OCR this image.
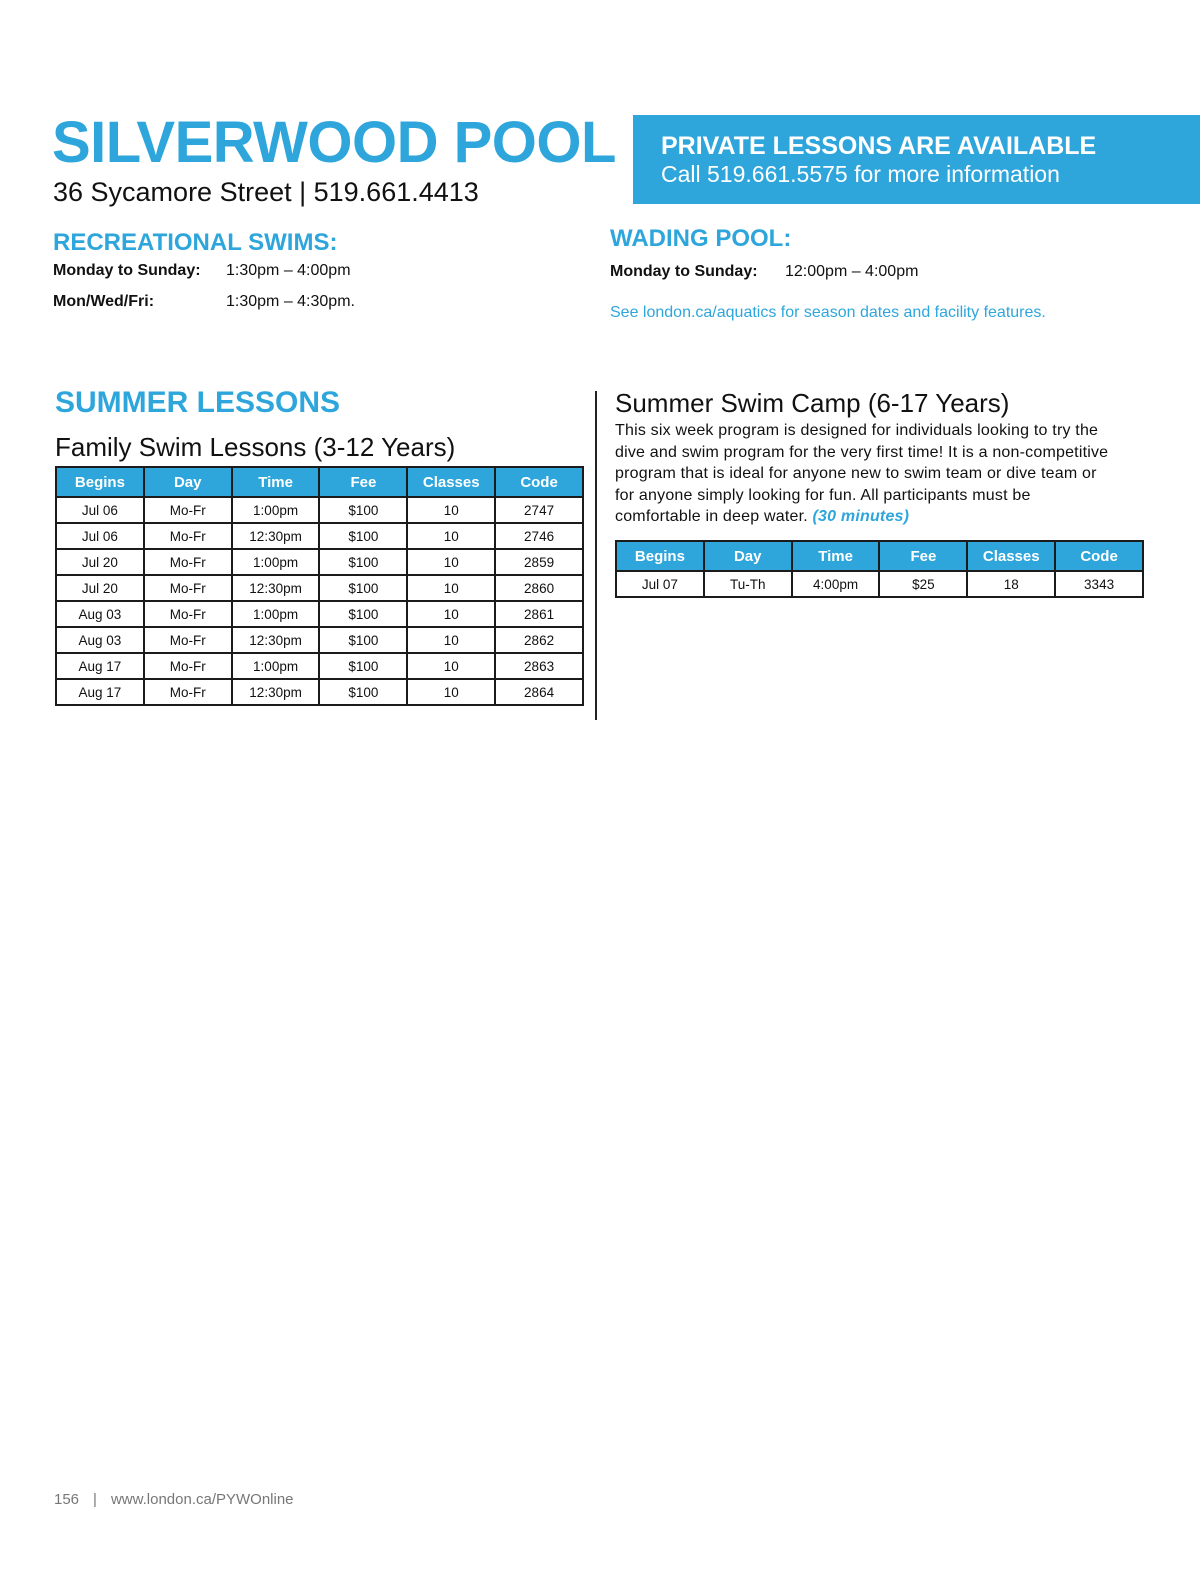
SILVERWOOD POOL
36 Sycamore Street | 519.661.4413
PRIVATE LESSONS ARE AVAILABLE
Call 519.661.5575 for more information
RECREATIONAL SWIMS:
Monday to Sunday: 1:30pm – 4:00pm
Mon/Wed/Fri:	1:30pm – 4:30pm.
WADING POOL:
Monday to Sunday: 12:00pm – 4:00pm
See london.ca/aquatics for season dates and facility features.
SUMMER LESSONS
Family Swim Lessons (3-12 Years)
Begins	Day	Time	Fee	Classes	Code
Jul 06	Mo-Fr	1:00pm	$100	10	2747
Jul 06	Mo-Fr	12:30pm	$100	10	2746
Jul 20	Mo-Fr	1:00pm	$100	10	2859
Jul 20	Mo-Fr	12:30pm	$100	10	2860
Aug 03	Mo-Fr	1:00pm	$100	10	2861
Aug 03	Mo-Fr	12:30pm	$100	10	2862
Aug 17	Mo-Fr	1:00pm	$100	10	2863
Aug 17	Mo-Fr	12:30pm	$100	10	2864
Summer Swim Camp (6-17 Years)
This six week program is designed for individuals looking to try the dive and swim program for the very first time! It is a non-competitive program that is ideal for anyone new to swim team or dive team or for anyone simply looking for fun. All participants must be comfortable in deep water. (30 minutes)
Begins	Day	Time	Fee	Classes	Code
Jul 07	Tu-Th	4:00pm	$25	18	3343
156 | www.london.ca/PYWOnline
